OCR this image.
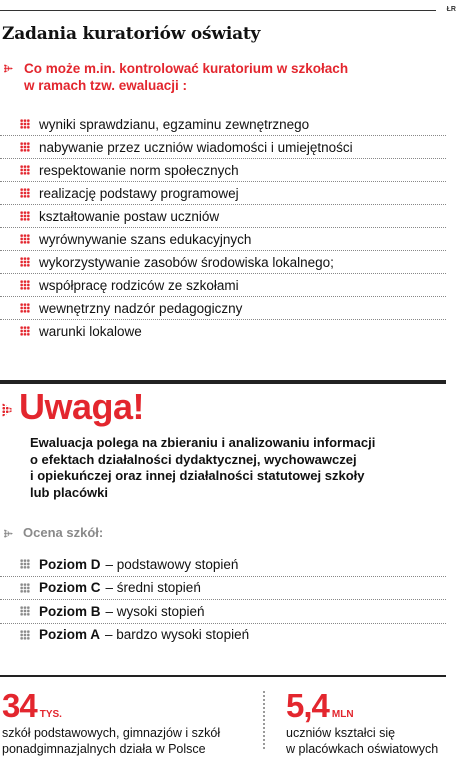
ŁR
Zadania kuratoriów oświaty
Co może m.in. kontrolować kuratorium w szkołach
w ramach tzw. ewaluacji :
wyniki sprawdzianu, egzaminu zewnętrznego
nabywanie przez uczniów wiadomości i umiejętności
respektowanie norm społecznych
realizację podstawy programowej
kształtowanie postaw uczniów
wyrównywanie szans edukacyjnych
wykorzystywanie zasobów środowiska lokalnego;
współpracę rodziców ze szkołami
wewnętrzny nadzór pedagogiczny
warunki lokalowe
Uwaga!
Ewaluacja polega na zbieraniu i analizowaniu informacji
o efektach działalności dydaktycznej, wychowawczej
i opiekuńczej oraz innej działalności statutowej szkoły
lub placówki
Ocena szkół:
Poziom D – podstawowy stopień
Poziom C – średni stopień
Poziom B – wysoki stopień
Poziom A – bardzo wysoki stopień
34 TYS.
szkół podstawowych, gimnazjów i szkół
ponadgimnazjalnych działa w Polsce
5,4 MLN
uczniów kształci się
w placówkach oświatowych
